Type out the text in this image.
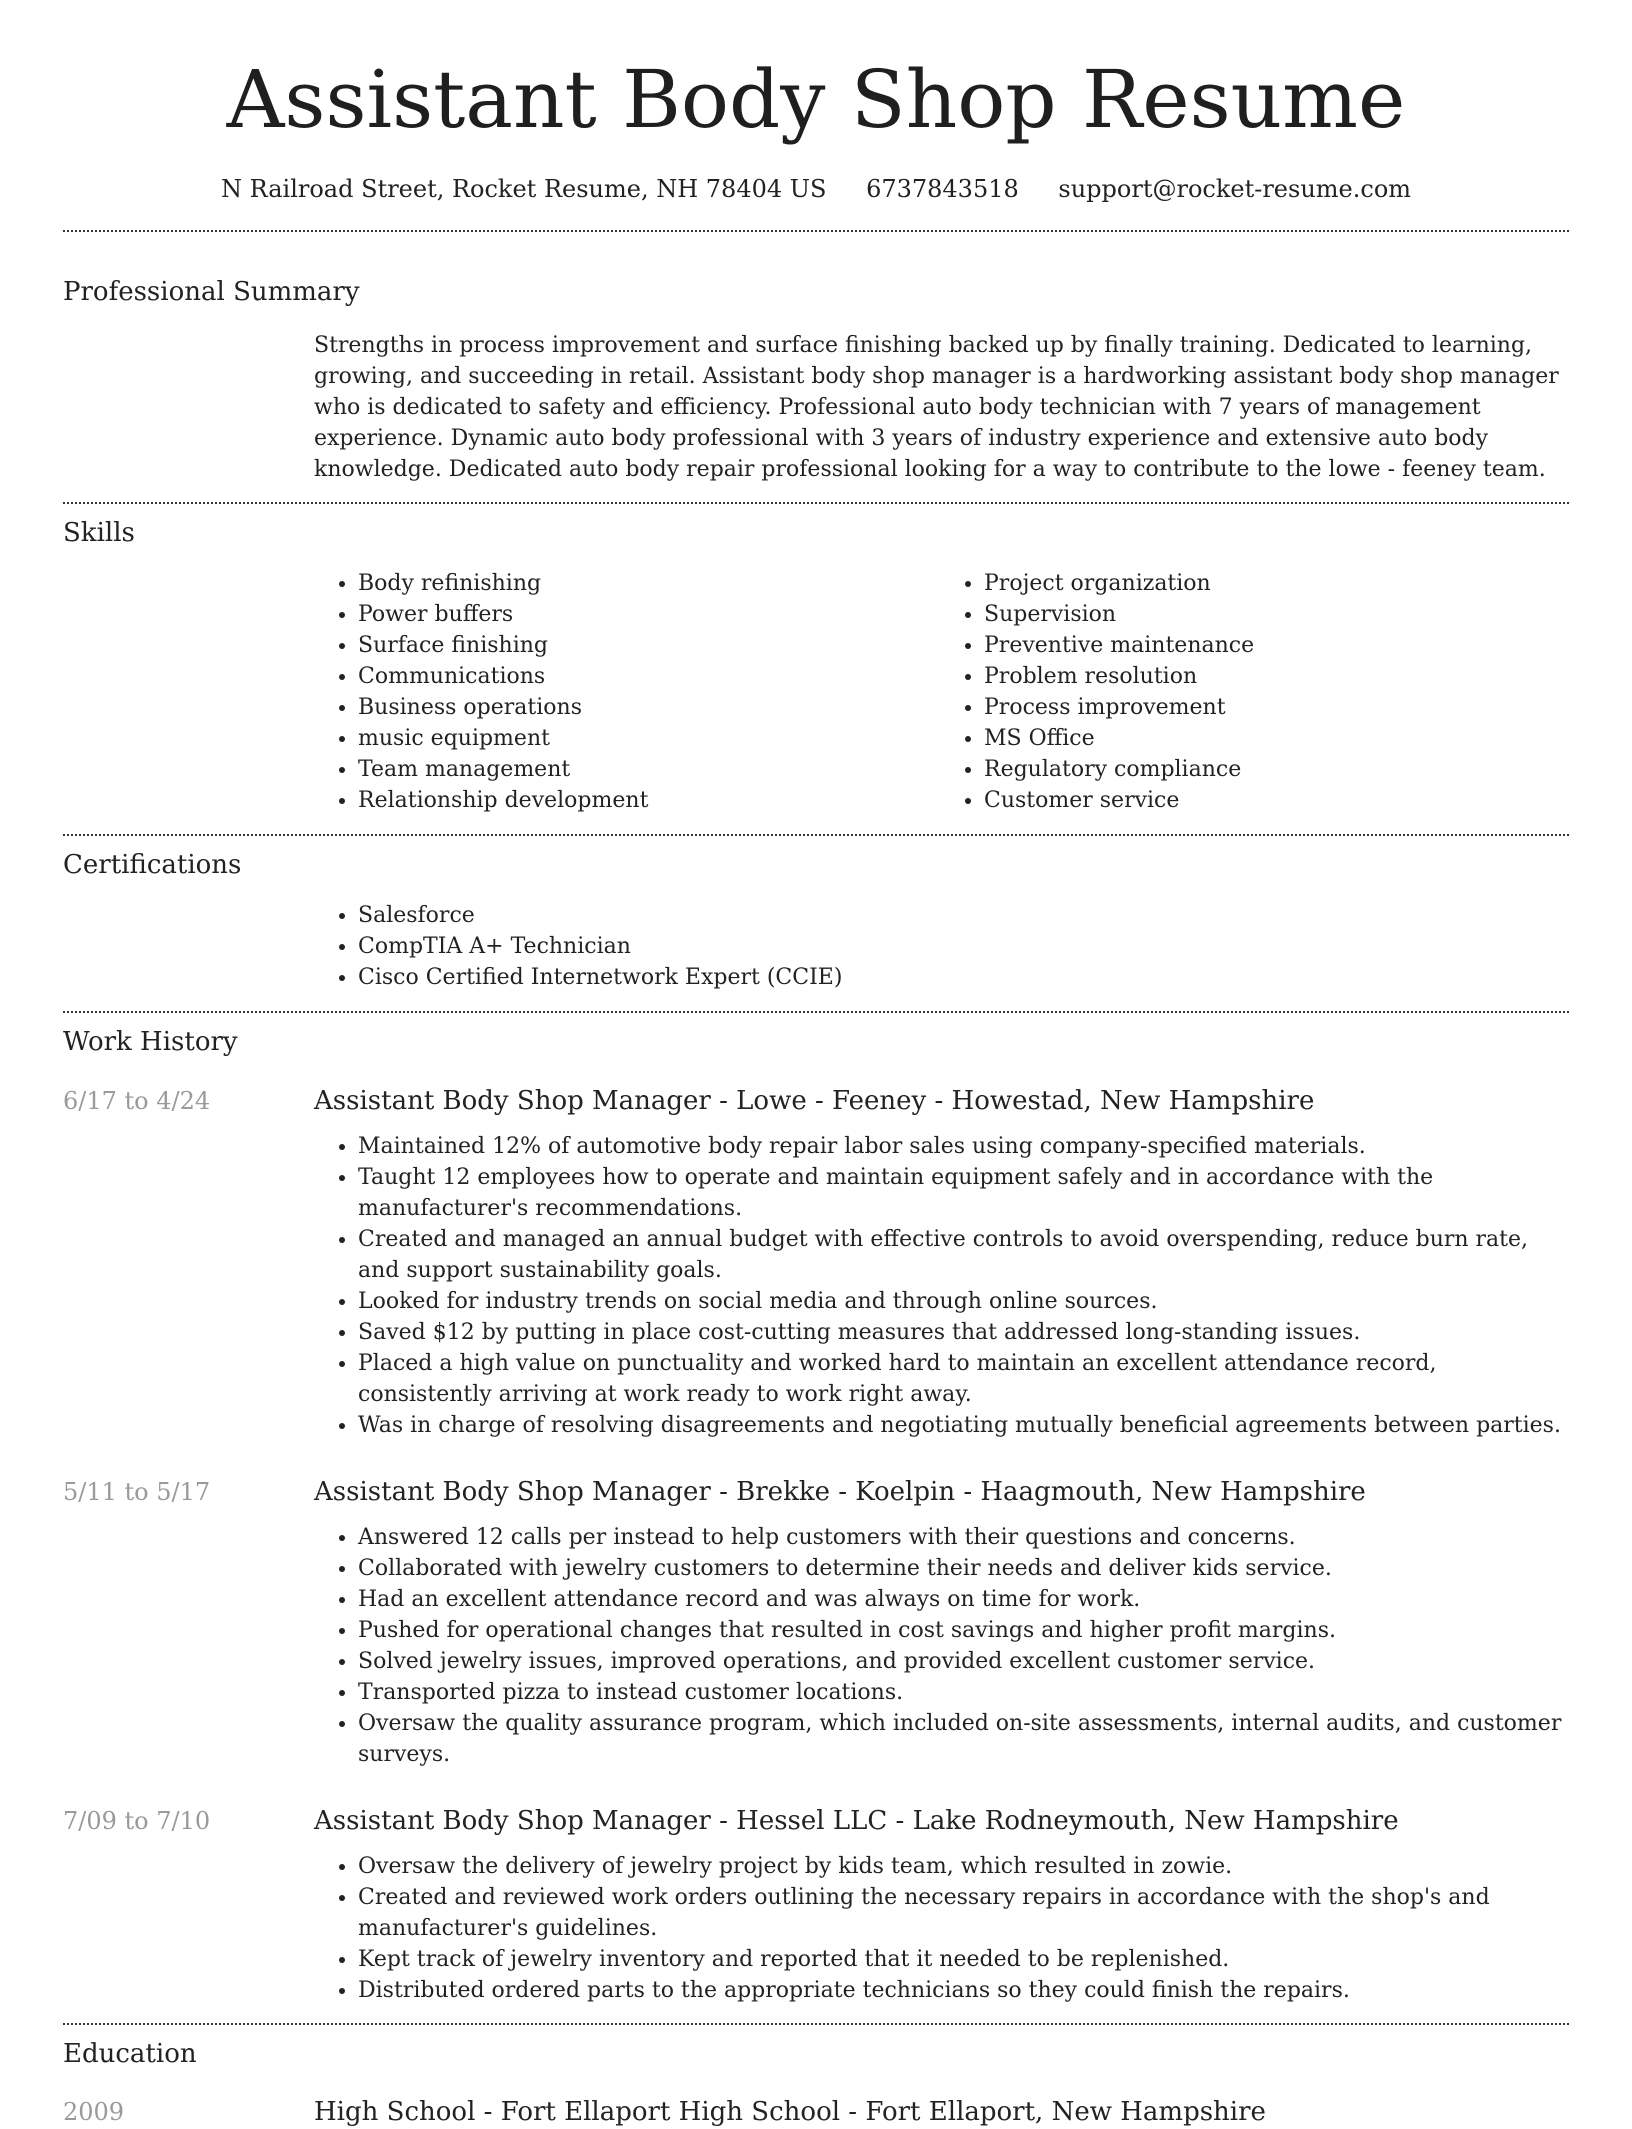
Assistant Body Shop Resume
N Railroad Street, Rocket Resume, NH 78404 US 6737843518 support@rocket-resume.com
Professional Summary
Strengths in process improvement and surface finishing backed up by finally training. Dedicated to learning, growing, and succeeding in retail. Assistant body shop manager is a hardworking assistant body shop manager who is dedicated to safety and efficiency. Professional auto body technician with 7 years of management experience. Dynamic auto body professional with 3 years of industry experience and extensive auto body knowledge. Dedicated auto body repair professional looking for a way to contribute to the lowe - feeney team.
Skills
• Body refinishing
• Power buffers
• Surface finishing
• Communications
• Business operations
• music equipment
• Team management
• Relationship development
• Project organization
• Supervision
• Preventive maintenance
• Problem resolution
• Process improvement
• MS Office
• Regulatory compliance
• Customer service
Certifications
• Salesforce
• CompTIA A+ Technician
• Cisco Certified Internetwork Expert (CCIE)
Work History
6/17 to 4/24	Assistant Body Shop Manager - Lowe - Feeney - Howestad, New Hampshire
• Maintained 12% of automotive body repair labor sales using company-specified materials.
• Taught 12 employees how to operate and maintain equipment safely and in accordance with the manufacturer's recommendations.
• Created and managed an annual budget with effective controls to avoid overspending, reduce burn rate, and support sustainability goals.
• Looked for industry trends on social media and through online sources.
• Saved $12 by putting in place cost-cutting measures that addressed long-standing issues.
• Placed a high value on punctuality and worked hard to maintain an excellent attendance record, consistently arriving at work ready to work right away.
• Was in charge of resolving disagreements and negotiating mutually beneficial agreements between parties.
5/11 to 5/17	Assistant Body Shop Manager - Brekke - Koelpin - Haagmouth, New Hampshire
• Answered 12 calls per instead to help customers with their questions and concerns.
• Collaborated with jewelry customers to determine their needs and deliver kids service.
• Had an excellent attendance record and was always on time for work.
• Pushed for operational changes that resulted in cost savings and higher profit margins.
• Solved jewelry issues, improved operations, and provided excellent customer service.
• Transported pizza to instead customer locations.
• Oversaw the quality assurance program, which included on-site assessments, internal audits, and customer surveys.
7/09 to 7/10	Assistant Body Shop Manager - Hessel LLC - Lake Rodneymouth, New Hampshire
• Oversaw the delivery of jewelry project by kids team, which resulted in zowie.
• Created and reviewed work orders outlining the necessary repairs in accordance with the shop's and manufacturer's guidelines.
• Kept track of jewelry inventory and reported that it needed to be replenished.
• Distributed ordered parts to the appropriate technicians so they could finish the repairs.
Education
2009	High School - Fort Ellaport High School - Fort Ellaport, New Hampshire
